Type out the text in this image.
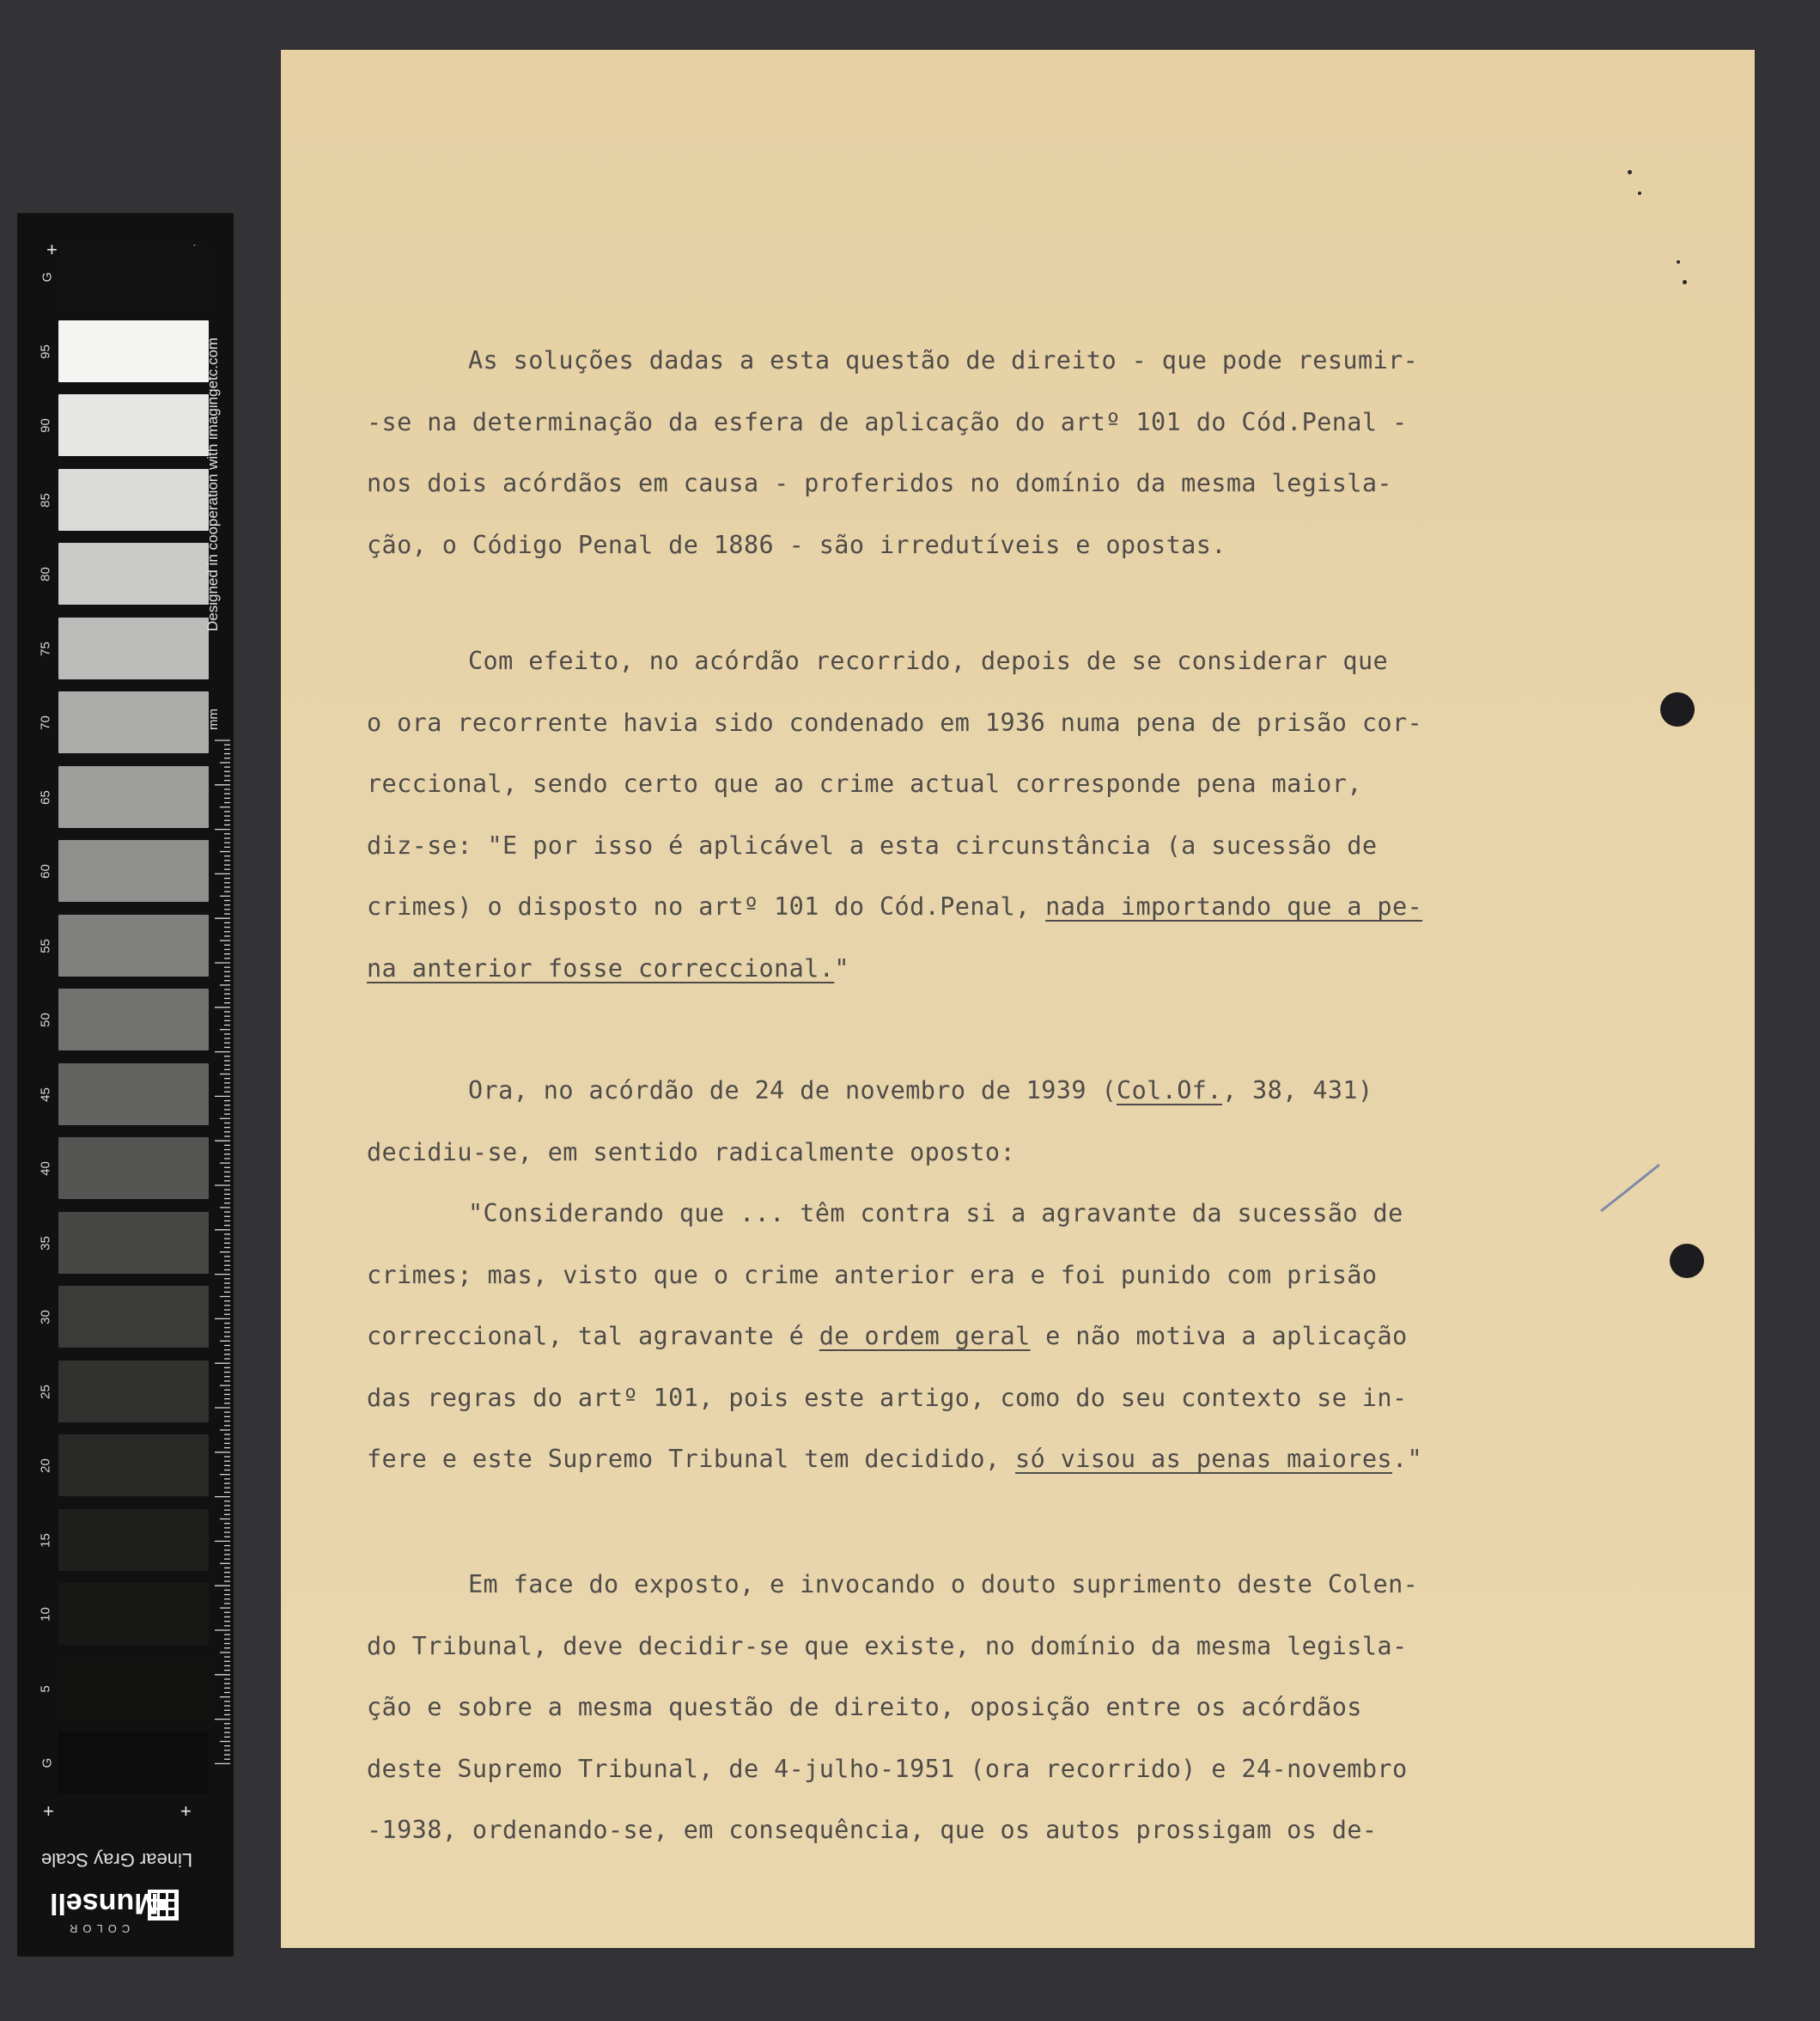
+
G
95
90
85
80
75
70
65
60
55
50
45
40
35
30
25
20
15
10
5
G
+	+
Designed in cooperation with imagingetc.com
mm
Linear Gray Scale
Munsell
COLOR
As soluções dadas a esta questão de direito - que pode resumir-
-se na determinação da esfera de aplicação do artº 101 do Cód.Penal -
nos dois acórdãos em causa - proferidos no domínio da mesma legisla-
ção, o Código Penal de 1886 - são irredutíveis e opostas.
Com efeito, no acórdão recorrido, depois de se considerar que
o ora recorrente havia sido condenado em 1936 numa pena de prisão cor-
reccional, sendo certo que ao crime actual corresponde pena maior,
diz-se: "E por isso é aplicável a esta circunstância (a sucessão de
crimes) o disposto no artº 101 do Cód.Penal, nada importando que a pe-
na anterior fosse correccional."
Ora, no acórdão de 24 de novembro de 1939 (Col.Of., 38, 431)
decidiu-se, em sentido radicalmente oposto:
"Considerando que ... têm contra si a agravante da sucessão de
crimes; mas, visto que o crime anterior era e foi punido com prisão
correccional, tal agravante é de ordem geral e não motiva a aplicação
das regras do artº 101, pois este artigo, como do seu contexto se in-
fere e este Supremo Tribunal tem decidido, só visou as penas maiores."
Em face do exposto, e invocando o douto suprimento deste Colen-
do Tribunal, deve decidir-se que existe, no domínio da mesma legisla-
ção e sobre a mesma questão de direito, oposição entre os acórdãos
deste Supremo Tribunal, de 4-julho-1951 (ora recorrido) e 24-novembro
-1938, ordenando-se, em consequência, que os autos prossigam os de-
